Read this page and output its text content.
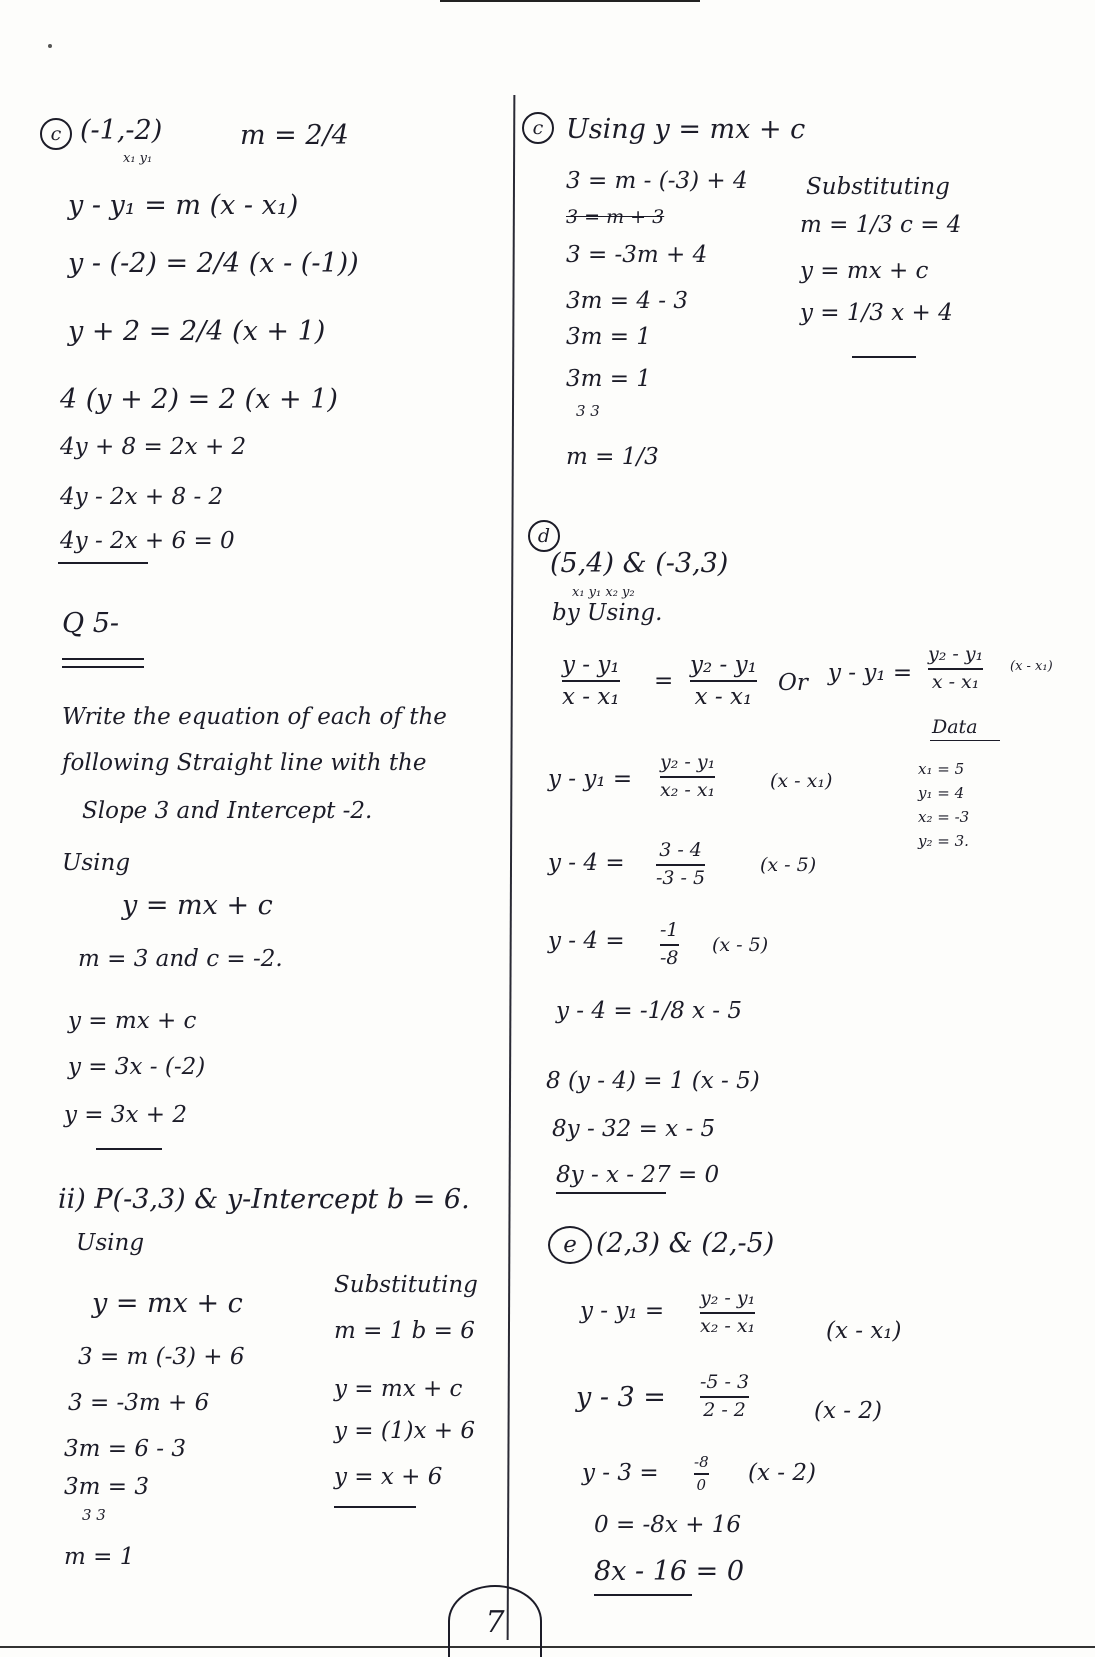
c (-1,-2)
x₁ y₁
m = 2/4
y - y₁ = m (x - x₁)
y - (-2) = 2/4 (x - (-1))
y + 2 = 2/4 (x + 1)
4 (y + 2) = 2 (x + 1)
4y + 8 = 2x + 2
4y - 2x + 8 - 2
4y - 2x + 6 = 0
Q 5-
Write the equation of each of the
following Straight line with the
Slope 3 and Intercept -2.
Using
y = mx + c
m = 3 and c = -2.
y = mx + c
y = 3x - (-2)
y = 3x + 2
ii) P(-3,3) & y-Intercept b = 6.
Using
y = mx + c
3 = m (-3) + 6
3 = -3m + 6
3m = 6 - 3
3m = 3
3 3
m = 1
Substituting
m = 1 b = 6
y = mx + c
y = (1)x + 6
y = x + 6
c Using y = mx + c
3 = m - (-3) + 4
3 = m + 3
3 = -3m + 4
3m = 4 - 3
3m = 1
3m = 1
3 3
m = 1/3
Substituting
m = 1/3 c = 4
y = mx + c
y = 1/3 x + 4
d
(5,4) & (-3,3)
x₁ y₁ x₂ y₂
by Using.
y - y₁
x - x₁
=
y₂ - y₁
x - x₁
Or y - y₁ =
y₂ - y₁
x - x₁
(x - x₁)
Data
x₁ = 5
y₁ = 4
x₂ = -3
y₂ = 3.
y - y₁ =
y₂ - y₁
x₂ - x₁	(x - x₁)
y - 4 = 3 - 4
-3 - 5
(x - 5)
y - 4 = -1
-8
(x - 5)
y - 4 = -1/8 x - 5
8 (y - 4) = 1 (x - 5)
8y - 32 = x - 5
8y - x - 27 = 0
e (2,3) & (2,-5)
y - y₁ = y₂ - y₁
x₂ - x₁	(x - x₁)
y - 3 = -5 - 3
2 - 2	(x - 2)
y - 3 = -8
0 (x - 2)
0 = -8x + 16
8x - 16 = 0
7
